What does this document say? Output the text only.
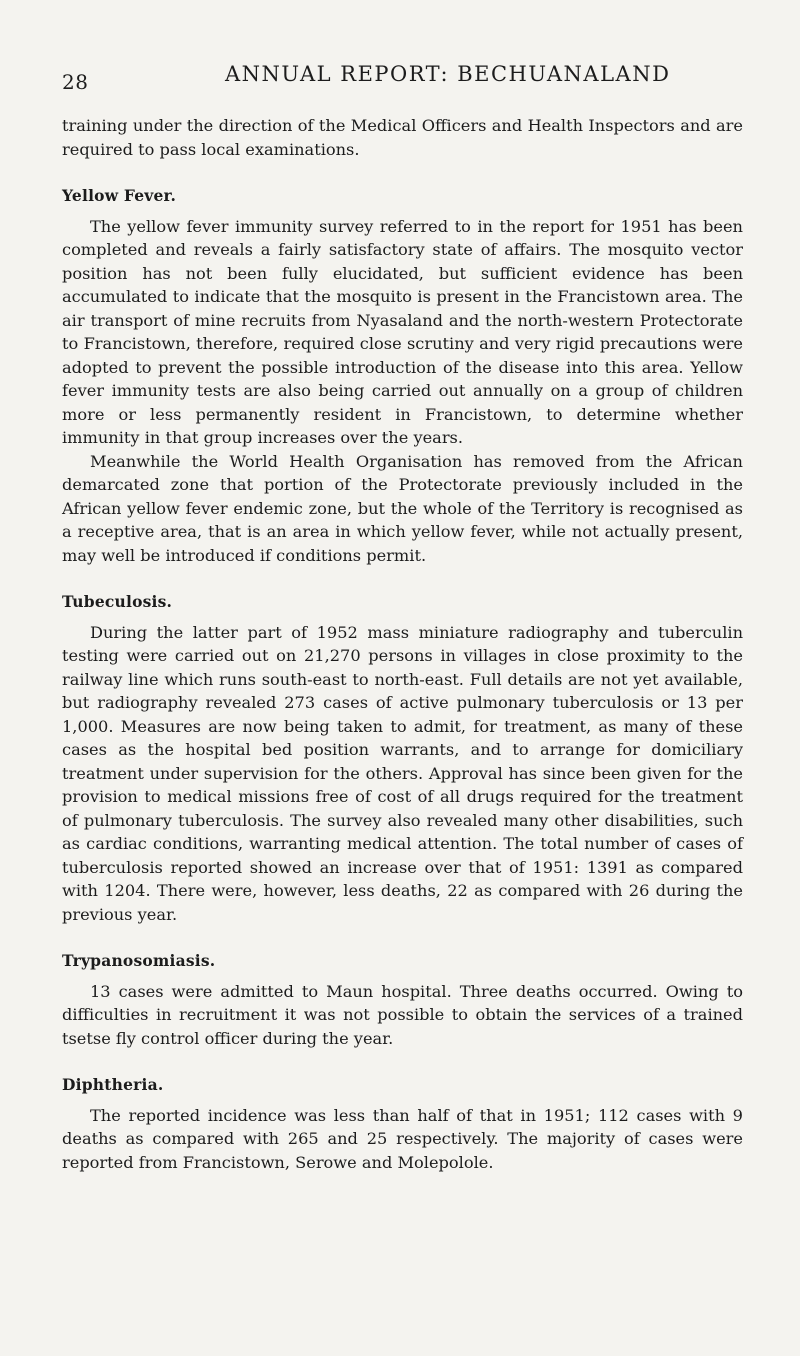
28	ANNUAL REPORT: BECHUANALAND

training under the direction of the Medical Officers and Health Inspectors and are required to pass local examinations.

Yellow Fever.

The yellow fever immunity survey referred to in the report for 1951 has been completed and reveals a fairly satisfactory state of affairs. The mosquito vector position has not been fully elucidated, but sufficient evidence has been accumulated to indicate that the mosquito is present in the Francistown area. The air transport of mine recruits from Nyasaland and the north-western Protectorate to Francistown, therefore, required close scrutiny and very rigid precautions were adopted to prevent the possible introduction of the disease into this area. Yellow fever immunity tests are also being carried out annually on a group of children more or less permanently resident in Francistown, to determine whether immunity in that group increases over the years.

Meanwhile the World Health Organisation has removed from the African demarcated zone that portion of the Protectorate previously included in the African yellow fever endemic zone, but the whole of the Territory is recognised as a receptive area, that is an area in which yellow fever, while not actually present, may well be introduced if conditions permit.

Tubeculosis.

During the latter part of 1952 mass miniature radiography and tuberculin testing were carried out on 21,270 persons in villages in close proximity to the railway line which runs south-east to north-east. Full details are not yet available, but radiography revealed 273 cases of active pulmonary tuberculosis or 13 per 1,000. Measures are now being taken to admit, for treatment, as many of these cases as the hospital bed position warrants, and to arrange for domiciliary treatment under supervision for the others. Approval has since been given for the provision to medical missions free of cost of all drugs required for the treatment of pulmonary tuberculosis. The survey also revealed many other disabilities, such as cardiac conditions, warranting medical attention. The total number of cases of tuberculosis reported showed an increase over that of 1951: 1391 as compared with 1204. There were, however, less deaths, 22 as compared with 26 during the previous year.

Trypanosomiasis.

13 cases were admitted to Maun hospital. Three deaths occurred. Owing to difficulties in recruitment it was not possible to obtain the services of a trained tsetse fly control officer during the year.

Diphtheria.

The reported incidence was less than half of that in 1951; 112 cases with 9 deaths as compared with 265 and 25 respectively. The majority of cases were reported from Francistown, Serowe and Molepolole.
